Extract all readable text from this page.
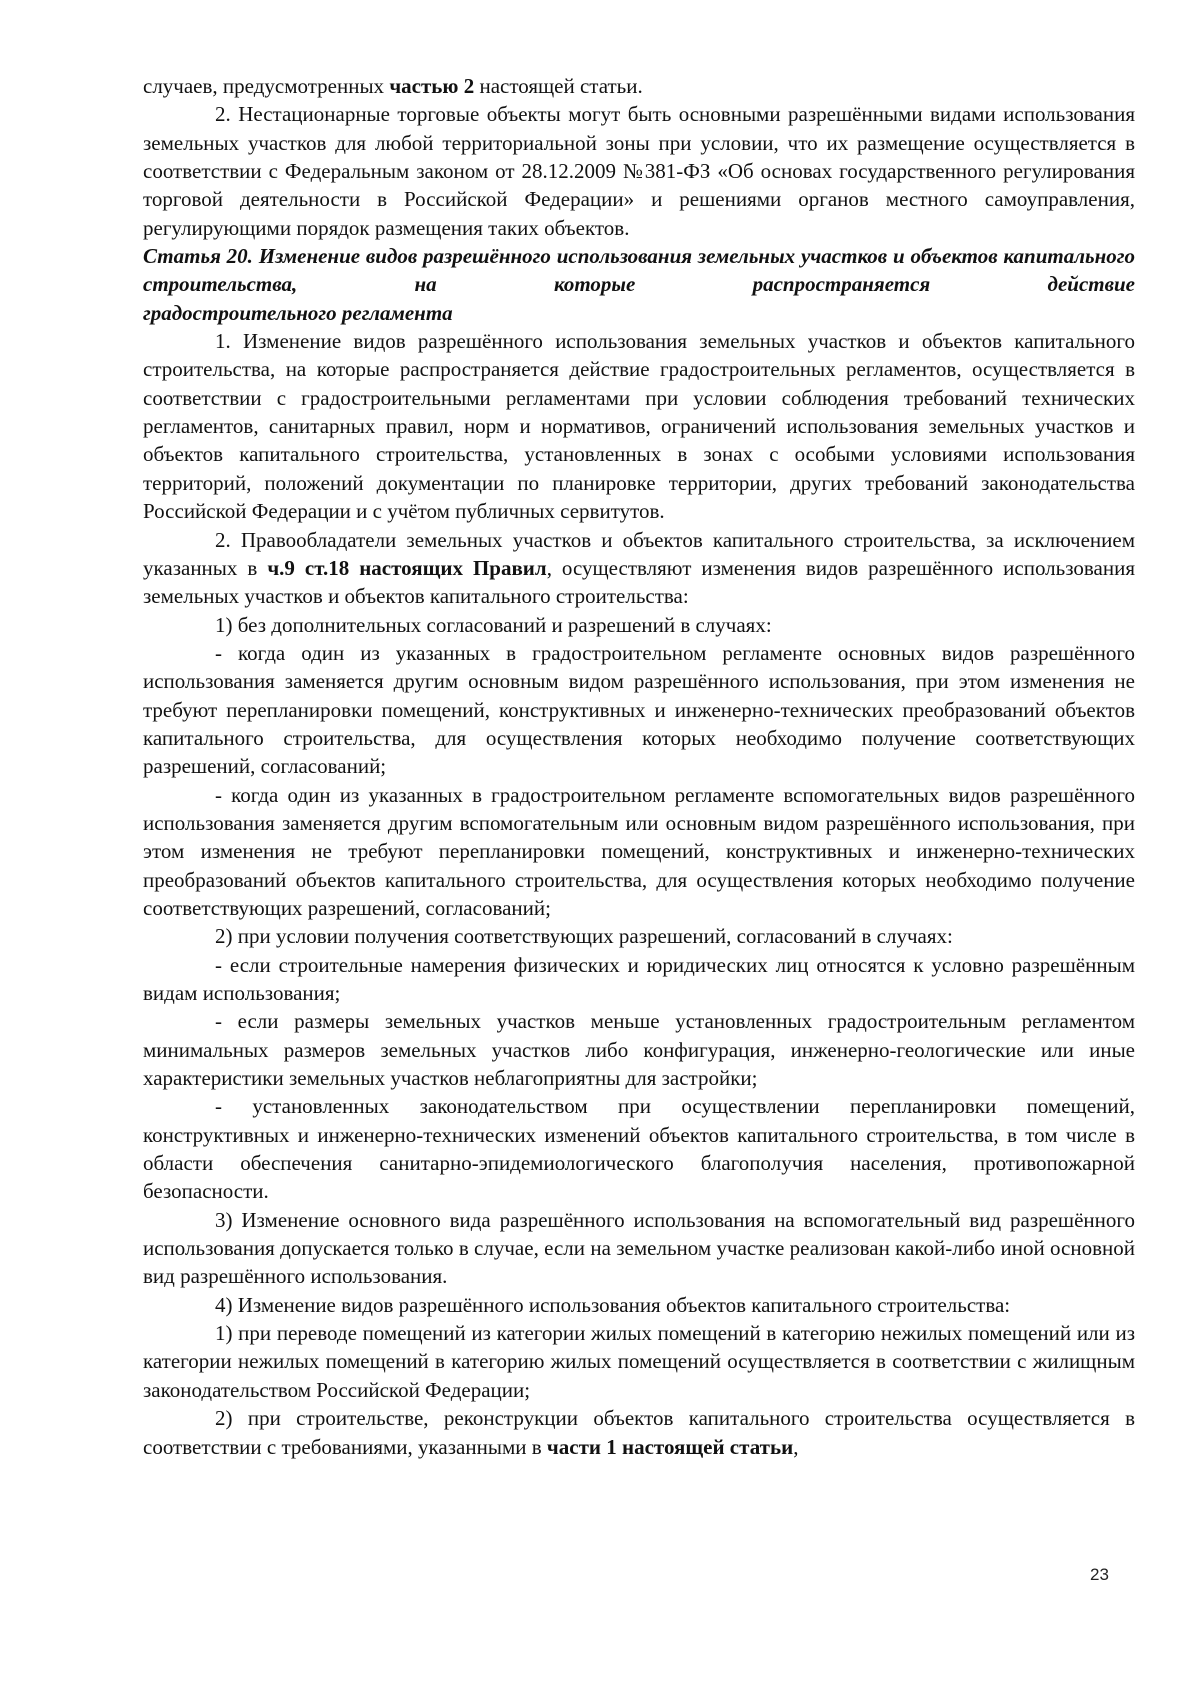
случаев, предусмотренных частью 2 настоящей статьи.

2. Нестационарные торговые объекты могут быть основными разрешёнными видами использования земельных участков для любой территориальной зоны при условии, что их размещение осуществляется в соответствии с Федеральным законом от 28.12.2009 №381-ФЗ «Об основах государственного регулирования торговой деятельности в Российской Федерации» и решениями органов местного самоуправления, регулирующими порядок размещения таких объектов.

Статья 20. Изменение видов разрешённого использования земельных участков и объектов капитального строительства, на которые распространяется действие
градостроительного регламента

1. Изменение видов разрешённого использования земельных участков и объектов капитального строительства, на которые распространяется действие градостроительных регламентов, осуществляется в соответствии с градостроительными регламентами при условии соблюдения требований технических регламентов, санитарных правил, норм и нормативов, ограничений использования земельных участков и объектов капитального строительства, установленных в зонах с особыми условиями использования территорий, положений документации по планировке территории, других требований законодательства Российской Федерации и с учётом публичных сервитутов.

2. Правообладатели земельных участков и объектов капитального строительства, за исключением указанных в ч.9 ст.18 настоящих Правил, осуществляют изменения видов разрешённого использования земельных участков и объектов капитального строительства:

1) без дополнительных согласований и разрешений в случаях:

- когда один из указанных в градостроительном регламенте основных видов разрешённого использования заменяется другим основным видом разрешённого использования, при этом изменения не требуют перепланировки помещений, конструктивных и инженерно-технических преобразований объектов капитального строительства, для осуществления которых необходимо получение соответствующих разрешений, согласований;

- когда один из указанных в градостроительном регламенте вспомогательных видов разрешённого использования заменяется другим вспомогательным или основным видом разрешённого использования, при этом изменения не требуют перепланировки помещений, конструктивных и инженерно-технических преобразований объектов капитального строительства, для осуществления которых необходимо получение соответствующих разрешений, согласований;

2) при условии получения соответствующих разрешений, согласований в случаях:

- если строительные намерения физических и юридических лиц относятся к условно разрешённым видам использования;

- если размеры земельных участков меньше установленных градостроительным регламентом минимальных размеров земельных участков либо конфигурация, инженерно-геологические или иные характеристики земельных участков неблагоприятны для застройки;

- установленных законодательством при осуществлении перепланировки помещений, конструктивных и инженерно-технических изменений объектов капитального строительства, в том числе в области обеспечения санитарно-эпидемиологического благополучия населения, противопожарной безопасности.

3) Изменение основного вида разрешённого использования на вспомогательный вид разрешённого использования допускается только в случае, если на земельном участке реализован какой-либо иной основной вид разрешённого использования.

4) Изменение видов разрешённого использования объектов капитального строительства:

1) при переводе помещений из категории жилых помещений в категорию нежилых помещений или из категории нежилых помещений в категорию жилых помещений осуществляется в соответствии с жилищным законодательством Российской Федерации;

2) при строительстве, реконструкции объектов капитального строительства осуществляется в соответствии с требованиями, указанными в части 1 настоящей статьи,

23
